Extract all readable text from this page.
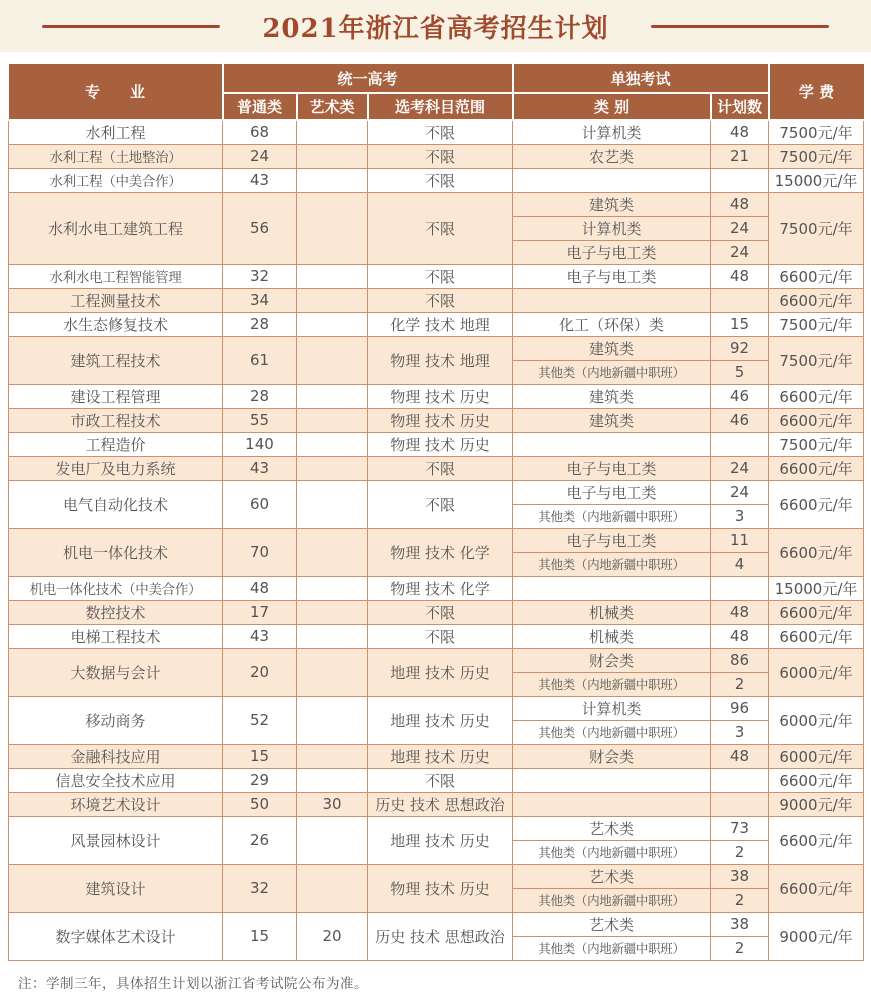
2021年浙江省高考招生计划
专　　业	统一高考			单独考试		学 费
	普通类	艺术类	选考科目范围	类 别	计划数	
水利工程	68		不限	计算机类	48	7500元/年
水利工程（土地整治）	24		不限	农艺类	21	7500元/年
水利工程（中美合作）	43		不限			15000元/年
水利水电工建筑工程	56		不限	建筑类	48	7500元/年
				计算机类	24	
				电子与电工类	24	
水利水电工程智能管理	32		不限	电子与电工类	48	6600元/年
工程测量技术	34		不限			6600元/年
水生态修复技术	28		化学 技术 地理	化工（环保）类	15	7500元/年
建筑工程技术	61		物理 技术 地理	建筑类	92	7500元/年
				其他类（内地新疆中职班）	5	
建设工程管理	28		物理 技术 历史	建筑类	46	6600元/年
市政工程技术	55		物理 技术 历史	建筑类	46	6600元/年
工程造价	140		物理 技术 历史			7500元/年
发电厂及电力系统	43		不限	电子与电工类	24	6600元/年
电气自动化技术	60		不限	电子与电工类	24	6600元/年
				其他类（内地新疆中职班）	3	
机电一体化技术	70		物理 技术 化学	电子与电工类	11	6600元/年
				其他类（内地新疆中职班）	4	
机电一体化技术（中美合作）	48		物理 技术 化学			15000元/年
数控技术	17		不限	机械类	48	6600元/年
电梯工程技术	43		不限	机械类	48	6600元/年
大数据与会计	20		地理 技术 历史	财会类	86	6000元/年
				其他类（内地新疆中职班）	2	
移动商务	52		地理 技术 历史	计算机类	96	6000元/年
				其他类（内地新疆中职班）	3	
金融科技应用	15		地理 技术 历史	财会类	48	6000元/年
信息安全技术应用	29		不限			6600元/年
环境艺术设计	50	30	历史 技术 思想政治			9000元/年
风景园林设计	26		地理 技术 历史	艺术类	73	6600元/年
				其他类（内地新疆中职班）	2	
建筑设计	32		物理 技术 历史	艺术类	38	6600元/年
				其他类（内地新疆中职班）	2	
数字媒体艺术设计	15	20	历史 技术 思想政治	艺术类	38	9000元/年
				其他类（内地新疆中职班）	2	

注：学制三年，具体招生计划以浙江省考试院公布为准。
